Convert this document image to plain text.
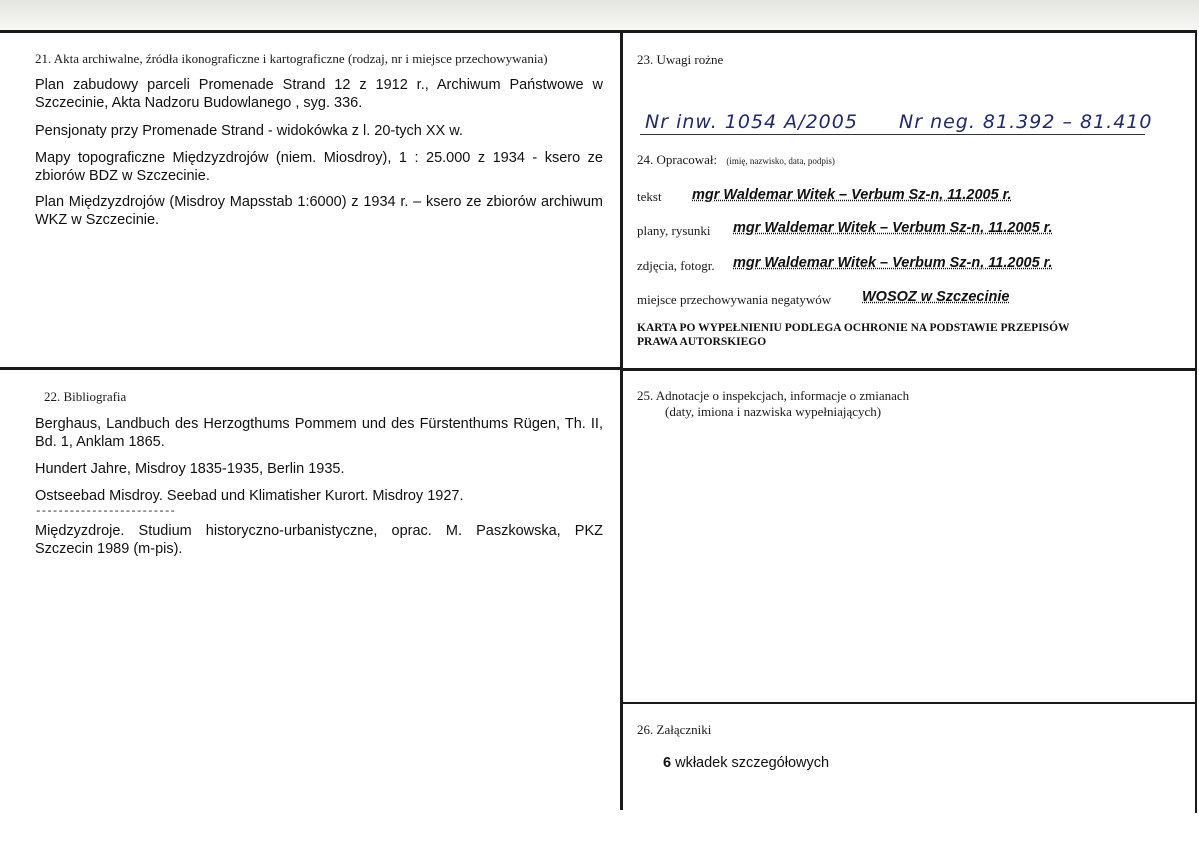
21. Akta archiwalne, źródła ikonograficzne i kartograficzne (rodzaj, nr i miejsce przechowywania)
Plan zabudowy parceli Promenade Strand 12 z 1912 r., Archiwum Państwowe w Szczecinie, Akta Nadzoru Budowlanego , syg. 336.
Pensjonaty przy Promenade Strand - widokówka z l. 20-tych XX w.
Mapy topograficzne Międzyzdrojów (niem. Miosdroy), 1 : 25.000 z 1934 - ksero ze zbiorów BDZ w Szczecinie.
Plan Międzyzdrojów (Misdroy Mapsstab 1:6000) z 1934 r. – ksero ze zbiorów archiwum WKZ w Szczecinie.
22. Bibliografia
Berghaus, Landbuch des Herzogthums Pommem und des Fürstenthums Rügen, Th. II, Bd. 1, Anklam 1865.
Hundert Jahre, Misdroy 1835-1935, Berlin 1935.
Ostseebad Misdroy. Seebad und Klimatisher Kurort. Misdroy 1927.
-------------------------
Międzyzdroje. Studium historyczno-urbanistyczne, oprac. M. Paszkowska, PKZ Szczecin 1989 (m-pis).
23. Uwagi rożne
Nr inw. 1054 A/2005 Nr neg. 81.392 – 81.410
24. Opracował: (imię, nazwisko, data, podpis)
tekst mgr Waldemar Witek – Verbum Sz-n, 11.2005 r.
plany, rysunki mgr Waldemar Witek – Verbum Sz-n, 11.2005 r.
zdjęcia, fotogr. mgr Waldemar Witek – Verbum Sz-n, 11.2005 r.
miejsce przechowywania negatywów WOSOZ w Szczecinie
KARTA PO WYPEŁNIENIU PODLEGA OCHRONIE NA PODSTAWIE PRZEPISÓW
PRAWA AUTORSKIEGO
25. Adnotacje o inspekcjach, informacje o zmianach
(daty, imiona i nazwiska wypełniających)
26. Załączniki
6 wkładek szczegółowych
